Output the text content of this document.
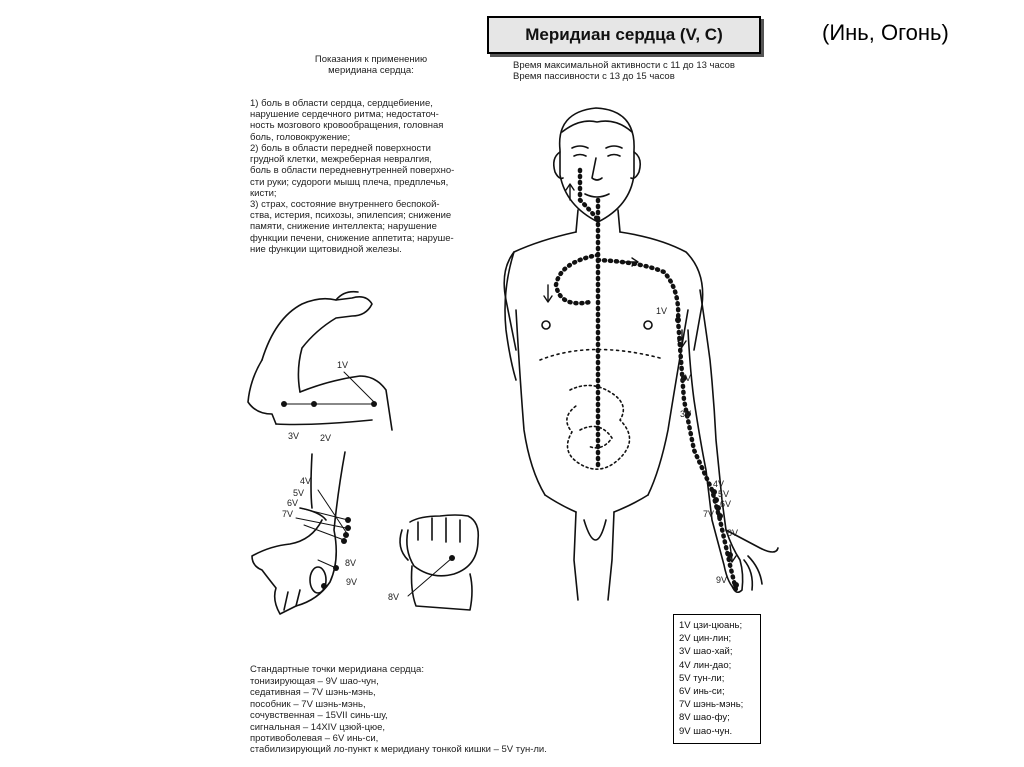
Меридиан сердца (V, С)	(Инь, Огонь)
Время максимальной активности с 11 до 13 часов
Время пассивности с 13 до 15 часов
Показания к применению
меридиана сердца:
1) боль в области сердца, сердцебиение,
нарушение сердечного ритма; недостаточ-
ность мозгового кровообращения, головная
боль, головокружение;
2) боль в области передней поверхности
грудной клетки, межреберная невралгия,
боль в области передневнутренней поверхно-
сти руки; судороги мышц плеча, предплечья,
кисти;
3) страх, состояние внутреннего беспокой-
ства, истерия, психозы, эпилепсия; снижение
памяти, снижение интеллекта; нарушение
функции печени, снижение аппетита; наруше-
ние функции щитовидной железы.
1V
3V 2V
4V
5V
6V
7V
8V
9V
8V
1V
2V
3V
4V
5V
6V
7V
8V
9V
1V цзи-цюань;
2V цин-лин;
3V шао-хай;
4V лин-дао;
5V тун-ли;
6V инь-си;
7V шэнь-мэнь;
8V шао-фу;
9V шао-чун.
Стандартные точки меридиана сердца:
тонизирующая – 9V шао-чун,
седативная – 7V шэнь-мэнь,
пособник – 7V шэнь-мэнь,
сочувственная – 15VII синь-шу,
сигнальная – 14XIV цзюй-цюе,
противоболевая – 6V инь-си,
стабилизирующий ло-пункт к меридиану тонкой кишки – 5V тун-ли.
